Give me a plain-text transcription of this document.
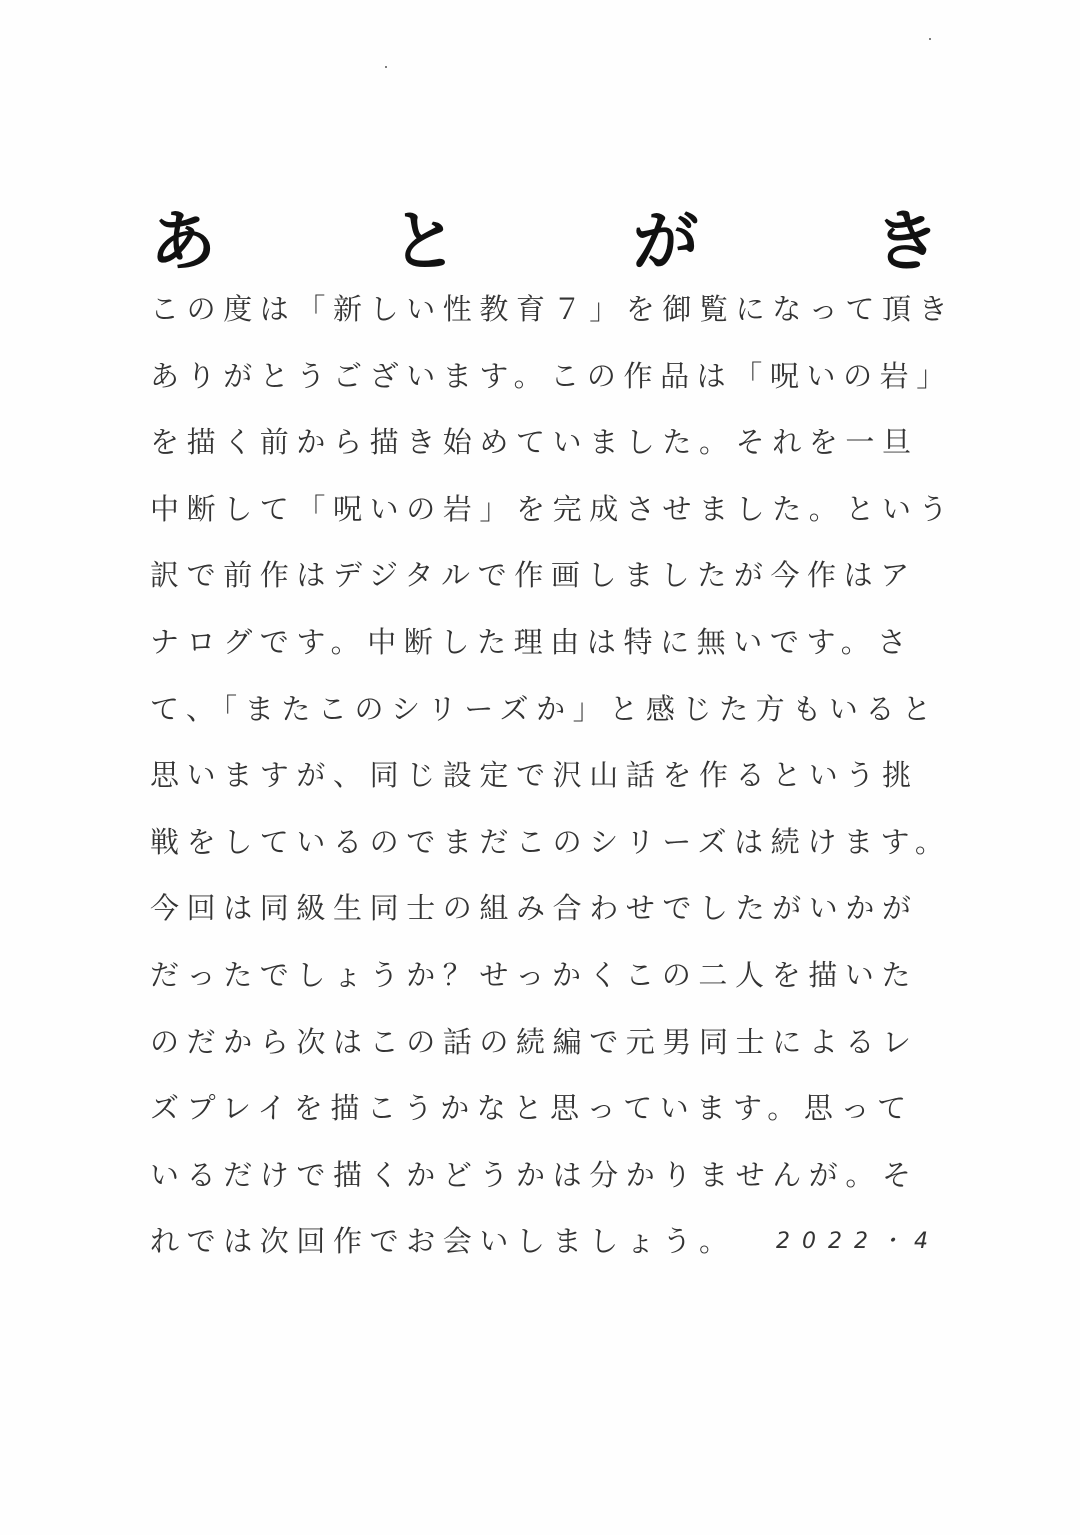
あ	と	が	き
この度は「新しい性教育７」を御覧になって頂き
ありがとうございます。この作品は「呪いの岩」
を描く前から描き始めていました。それを一旦
中断して「呪いの岩」を完成させました。という
訳で前作はデジタルで作画しましたが今作はア
ナログです。中断した理由は特に無いです。さ
て、「またこのシリーズか」と感じた方もいると
思いますが、同じ設定で沢山話を作るという挑
戦をしているのでまだこのシリーズは続けます。
今回は同級生同士の組み合わせでしたがいかが
だったでしょうか？せっかくこの二人を描いた
のだから次はこの話の続編で元男同士によるレ
ズプレイを描こうかなと思っています。思って
いるだけで描くかどうかは分かりませんが。そ
れでは次回作でお会いしましょう。	2022・4
